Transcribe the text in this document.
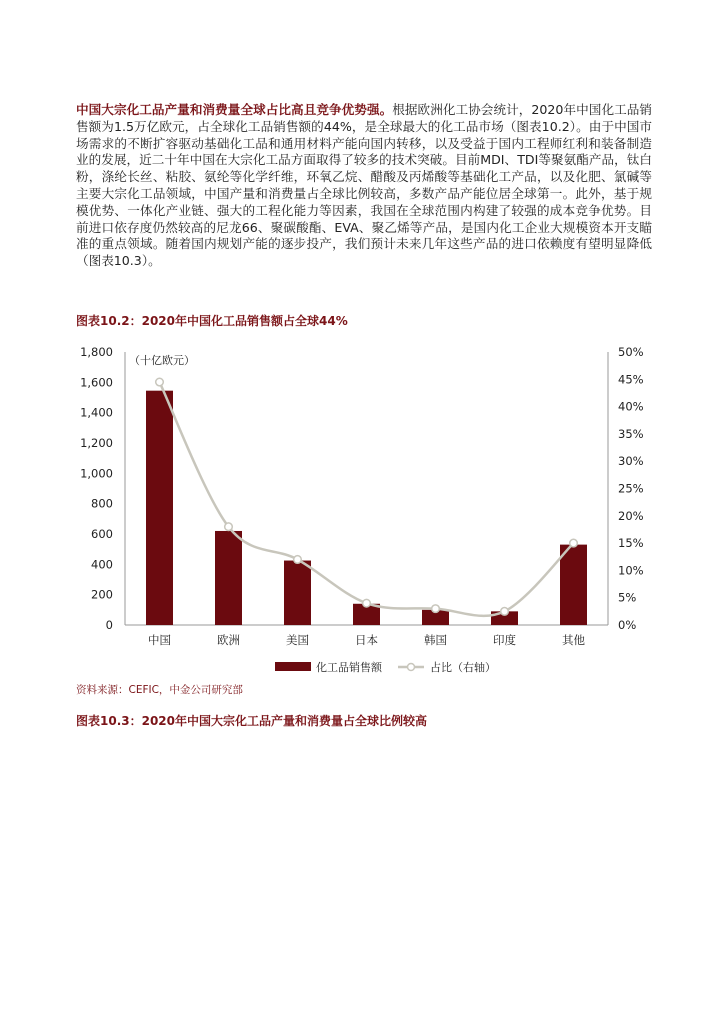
中国大宗化工品产量和消费量全球占比高且竞争优势强。根据欧洲化工协会统计，2020年中国化工品销售额为1.5万亿欧元，占全球化工品销售额的44%，是全球最大的化工品市场（图表10.2）。由于中国市场需求的不断扩容驱动基础化工品和通用材料产能向国内转移，以及受益于国内工程师红利和装备制造业的发展，近二十年中国在大宗化工品方面取得了较多的技术突破。目前MDI、TDI等聚氨酯产品，钛白粉，涤纶长丝、粘胶、氨纶等化学纤维，环氧乙烷、醋酸及丙烯酸等基础化工产品，以及化肥、氯碱等主要大宗化工品领域，中国产量和消费量占全球比例较高，多数产品产能位居全球第一。此外，基于规模优势、一体化产业链、强大的工程化能力等因素，我国在全球范围内构建了较强的成本竞争优势。目前进口依存度仍然较高的尼龙66、聚碳酸酯、EVA、聚乙烯等产品，是国内化工企业大规模资本开支瞄准的重点领域。随着国内规划产能的逐步投产，我们预计未来几年这些产品的进口依赖度有望明显降低（图表10.3）。

图表10.2：2020年中国化工品销售额占全球44%

0
200
400
600
800
1,000
1,200
1,400
1,600
1,800
0%
5%
10%
15%
20%
25%
30%
35%
40%
45%
50%
（十亿欧元）
中国	欧洲	美国	日本	韩国	印度	其他
化工品销售额	占比（右轴）

资料来源：CEFIC，中金公司研究部

图表10.3：2020年中国大宗化工品产量和消费量占全球比例较高
